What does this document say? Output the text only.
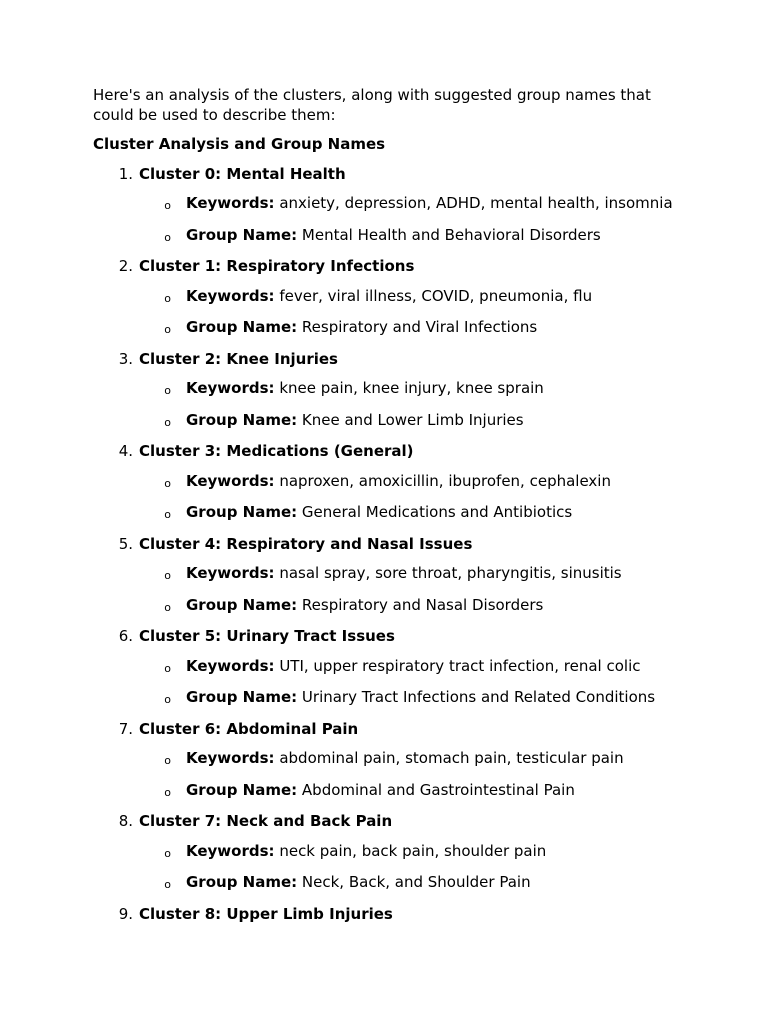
Here's an analysis of the clusters, along with suggested group names that could be used to describe them:

Cluster Analysis and Group Names

1. Cluster 0: Mental Health
o	Keywords: anxiety, depression, ADHD, mental health, insomnia
o	Group Name: Mental Health and Behavioral Disorders
2. Cluster 1: Respiratory Infections
o	Keywords: fever, viral illness, COVID, pneumonia, flu
o	Group Name: Respiratory and Viral Infections
3. Cluster 2: Knee Injuries
o	Keywords: knee pain, knee injury, knee sprain
o	Group Name: Knee and Lower Limb Injuries
4. Cluster 3: Medications (General)
o	Keywords: naproxen, amoxicillin, ibuprofen, cephalexin
o	Group Name: General Medications and Antibiotics
5. Cluster 4: Respiratory and Nasal Issues
o	Keywords: nasal spray, sore throat, pharyngitis, sinusitis
o	Group Name: Respiratory and Nasal Disorders
6. Cluster 5: Urinary Tract Issues
o	Keywords: UTI, upper respiratory tract infection, renal colic
o	Group Name: Urinary Tract Infections and Related Conditions
7. Cluster 6: Abdominal Pain
o	Keywords: abdominal pain, stomach pain, testicular pain
o	Group Name: Abdominal and Gastrointestinal Pain
8. Cluster 7: Neck and Back Pain
o	Keywords: neck pain, back pain, shoulder pain
o	Group Name: Neck, Back, and Shoulder Pain
9. Cluster 8: Upper Limb Injuries
